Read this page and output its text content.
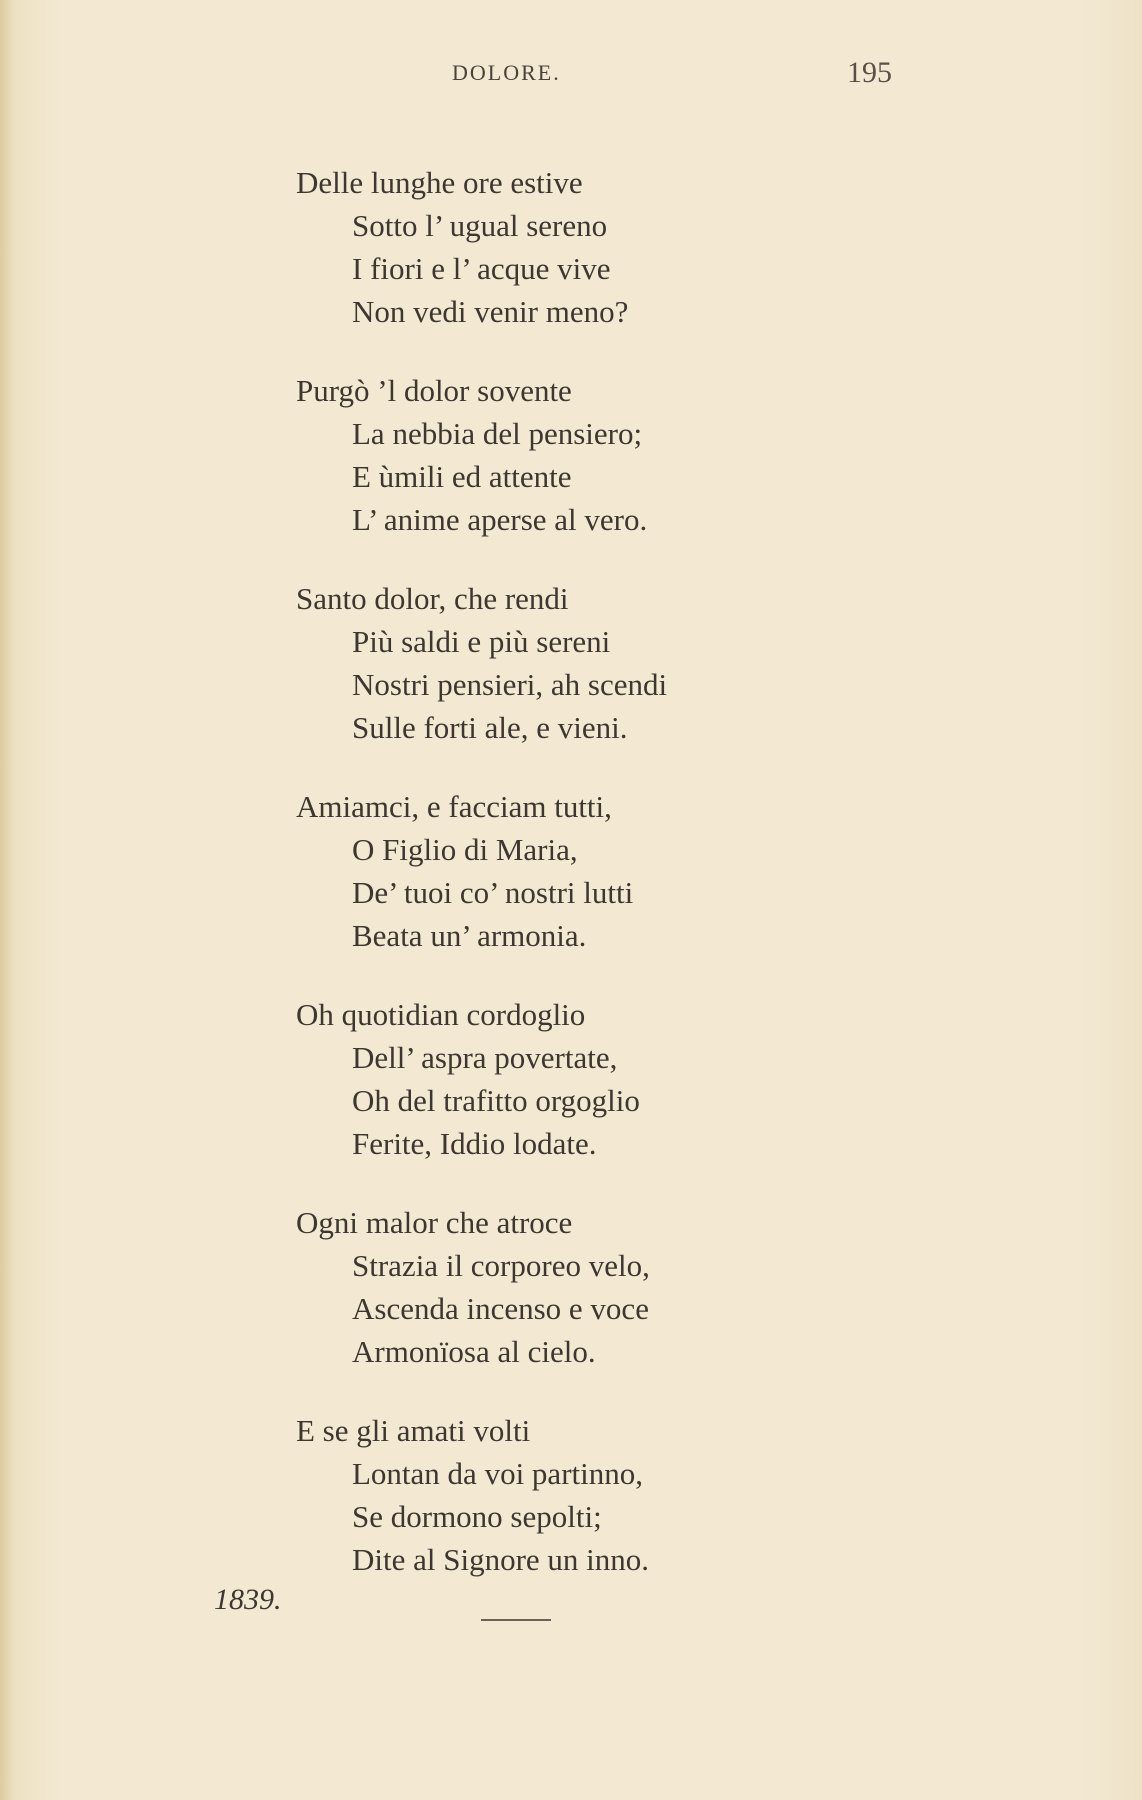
DOLORE.	195
Delle lunghe ore estive
Sotto l’ ugual sereno
I fiori e l’ acque vive
Non vedi venir meno?
Purgò ’l dolor sovente
La nebbia del pensiero;
E ùmili ed attente
L’ anime aperse al vero.
Santo dolor, che rendi
Più saldi e più sereni
Nostri pensieri, ah scendi
Sulle forti ale, e vieni.
Amiamci, e facciam tutti,
O Figlio di Maria,
De’ tuoi co’ nostri lutti
Beata un’ armonia.
Oh quotidian cordoglio
Dell’ aspra povertate,
Oh del trafitto orgoglio
Ferite, Iddio lodate.
Ogni malor che atroce
Strazia il corporeo velo,
Ascenda incenso e voce
Armonïosa al cielo.
E se gli amati volti
Lontan da voi partinno,
Se dormono sepolti;
Dite al Signore un inno.
1839.
